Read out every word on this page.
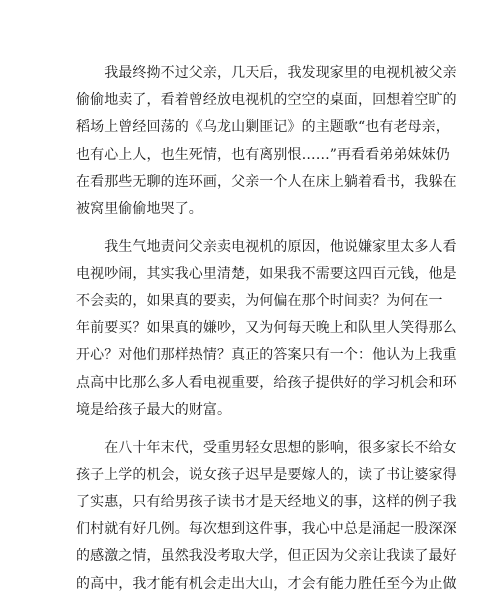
　　我最终拗不过父亲，几天后，我发现家里的电视机被父亲
偷偷地卖了，看着曾经放电视机的空空的桌面，回想着空旷的
稻场上曾经回荡的《乌龙山剿匪记》的主题歌“也有老母亲，
也有心上人，也生死情，也有离别恨……”再看看弟弟妹妹仍
在看那些无聊的连环画，父亲一个人在床上躺着看书，我躲在
被窝里偷偷地哭了。

　　我生气地责问父亲卖电视机的原因，他说嫌家里太多人看
电视吵闹，其实我心里清楚，如果我不需要这四百元钱，他是
不会卖的，如果真的要卖，为何偏在那个时间卖？为何在一
年前要买？如果真的嫌吵，又为何每天晚上和队里人笑得那么
开心？对他们那样热情？真正的答案只有一个：他认为上我重
点高中比那么多人看电视重要，给孩子提供好的学习机会和环
境是给孩子最大的财富。

　　在八十年末代，受重男轻女思想的影响，很多家长不给女
孩子上学的机会，说女孩子迟早是要嫁人的，读了书让婆家得
了实惠，只有给男孩子读书才是天经地义的事，这样的例子我
们村就有好几例。每次想到这件事，我心中总是涌起一股深深
的感激之情，虽然我没考取大学，但正因为父亲让我读了最好
的高中，我才能有机会走出大山，才会有能力胜任至今为止做
